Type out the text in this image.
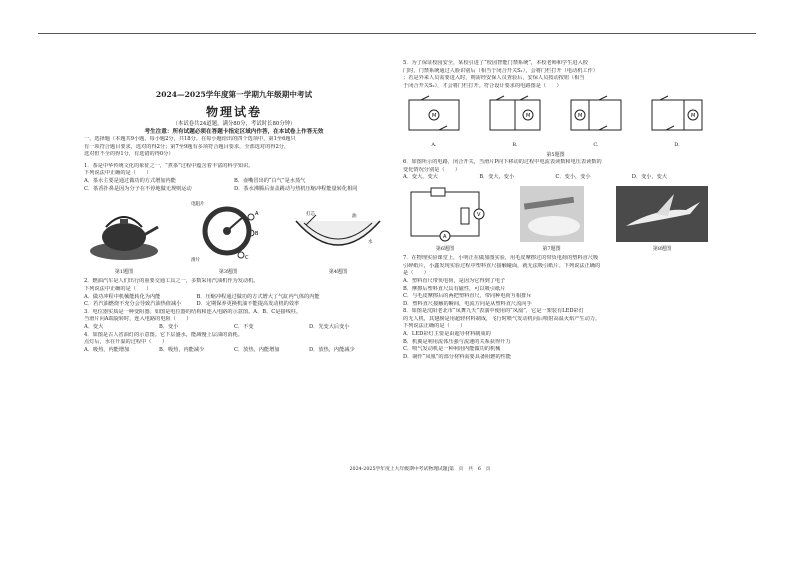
2024—2025学年度第一学期九年级期中考试
物理试卷
（本试卷共24道题，满分80分，考试时长80分钟）
考生注意：所有试题必须在答题卡指定区域内作答，在本试卷上作答无效
一、选择题（本题共9小题，每小题2分，共18分。在每小题给出的四个选项中，第1至6题只
有一项符合题目要求，选对的得2分；第7至9题有多项符合题目要求，全部选对的得2分，
选对但不全的得1分，有选错的得0分）
1．茶是中华传统文化的象征之一，“煮茶”过程中蕴含着丰富的科学知识。
下列说法中正确的是（　　）
A．茶水主要是通过做功的方式增加内能	B．壶嘴冒出的“白气”是水蒸气
C．茶香扑鼻是因为分子在不停地做无规则运动	D．茶水沸腾后壶盖跳动与热机压缩冲程能量转化相同
第1题图
A
B
C
电阻片
滑片
第3题图
打芯	油
水
第4题图
2．燃油汽车是人们出行的重要交通工具之一，多数采用汽油机作为发动机。
下列说法中正确的是（　　）
A．做功冲程中机械能转化为内能	B．压缩冲程通过做功的方式增大了气缸内气体的内能
C．若汽油燃烧不充分会导致汽油热值减小	D．定期保养更换机油不能提高发动机的效率
3．电位器实质是一种变阻器。如图是电位器的结构和连入电路的示意图。A、B、C是接线柱。
当滑片向A端旋转时，连入电路的电阻（　　）
A．变大	B．变小	C．不变	D．先变大后变小
4．如图是古人省油灯的示意图。它下层盛水，能减慢上层油的消耗。
点灯后，水在升温的过程中（　　）
A．吸热，内能增加	B．吸热，内能减少	C．放热，内能增加	D．放热，内能减少
5．为了保证校园安全，某校引进了“校园智能门禁系统”，本校老师和学生进入校
门时，门禁系统通过人脸识别后（相当于闭合开关S₁），会将门栏打开（电动机工作）
；若是外来人员需要进入时，则需经安保人员查验后，安保人员按动按钮（相当
于闭合开关S₂），才会将门栏打开。符合设计要求的电路图是（　　）
M
A.
M
B.
M
C.
M
D.
第5题图
6．如图所示的电路，闭合开关，当滑片P向下移动的过程中电流表读数和电压表读数的
变化情况分别是（　　）
A．变大，变大	B．变大，变小	C．变小，变小	D．变小，变大
A
V
第6题图	第7题图	第8题图
7．在物理实验课堂上，小明正在做加图实验，用毛皮摩擦过的带负电荷的塑料直尺吸
引碎纸片，小鑫发现实验过程中塑料直尺接触碰面，就无法吸引纸片。下列说法正确的
是（　　）
A．塑料直尺带负电荷，是因为它得到了电子
B．摩擦后塑料直尺具有磁性，可以吸引纸片
C．与毛皮摩擦后的两把塑料直尺，带同种电荷互相排斥
D．塑料直尺接触的瞬间，电流方向是从塑料直尺流向手
8．如图是沈阳老北市“凤舞九天”表演中使用的“凤凰”，它是一架装有LED彩灯
的无人机，其翅膀是用超轻材料制成，飞行时喷气发动机向后喷射高温火焰产生动力。
下列说法正确的是（　　）
A．LED彩灯主要是由超导材料制成的
B．机翼是利用流体压强与流速的关系获得升力
C．喷气发动机是一种利用内能做功的机械
D．制作“凤凰”的部分材料需要具备阻燃的性能
2024-2025学年度上九年级期中考试物理试题|第　页　共　6　页
